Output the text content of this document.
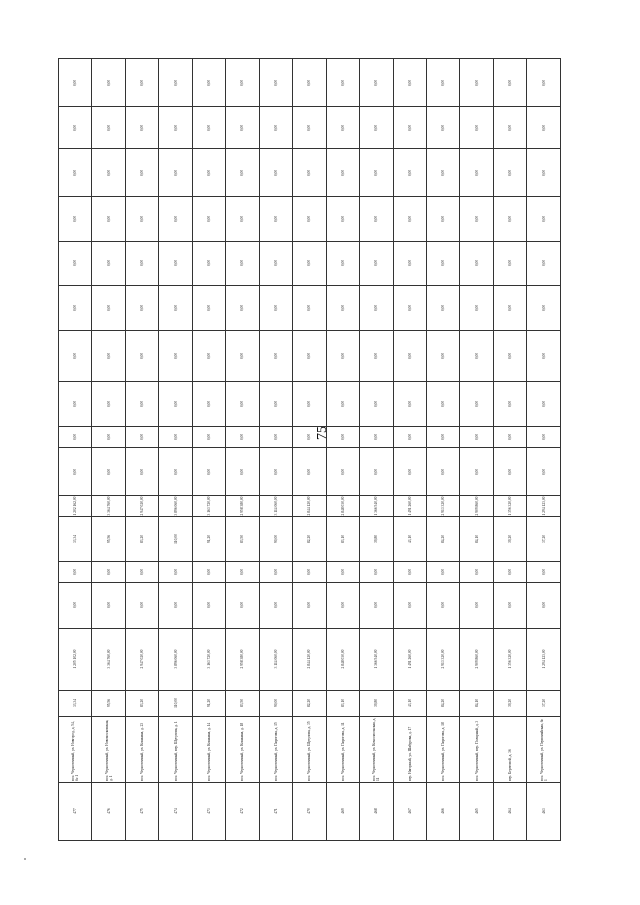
75
0,00	0,00	0,00	0,00	0,00	0,00	0,00	0,00	0,00	0,00	0,00	0,00	0,00	0,00	0,00

0,00	0,00	0,00	0,00	0,00	0,00	0,00	0,00	0,00	0,00	0,00	0,00	0,00	0,00	0,00

0,00	0,00	0,00	0,00	0,00	0,00	0,00	0,00	0,00	0,00	0,00	0,00	0,00	0,00	0,00

0,00	0,00	0,00	0,00	0,00	0,00	0,00	0,00	0,00	0,00	0,00	0,00	0,00	0,00	0,00

0,00	0,00	0,00	0,00	0,00	0,00	0,00	0,00	0,00	0,00	0,00	0,00	0,00	0,00	0,00

0,00	0,00	0,00	0,00	0,00	0,00	0,00	0,00	0,00	0,00	0,00	0,00	0,00	0,00	0,00

0,00	0,00	0,00	0,00	0,00	0,00	0,00	0,00	0,00	0,00	0,00	0,00	0,00	0,00	0,00

0,00	0,00	0,00	0,00	0,00	0,00	0,00	0,00	0,00	0,00	0,00	0,00	0,00	0,00	0,00

0,00	0,00	0,00	0,00	0,00	0,00	0,00	0,00	0,00	0,00	0,00	0,00	0,00	0,00	0,00

0,00	0,00	0,00	0,00	0,00	0,00	0,00	0,00	0,00	0,00	0,00	0,00	0,00	0,00	0,00

1 202 162,00	3 364 760,00	2 947 020,00	3 896 060,00	3 163 720,00	2 958 380,00	3 114 060,00	2 844 120,00	2 848 030,00	1 366 540,00	1 491 260,00	2 913 320,00	2 909 860,00	1 356 320,00	1 294 123,00

33,34	95,56	83,20	110,00	91,20	83,50	90,00	82,20	83,10	39,80	43,10	84,20	84,10	39,20	37,20

0,00	0,00	0,00	0,00	0,00	0,00	0,00	0,00	0,00	0,00	0,00	0,00	0,00	0,00	0,00

0,00	0,00	0,00	0,00	0,00	0,00	0,00	0,00	0,00	0,00	0,00	0,00	0,00	0,00	0,00

1 205 102,00	3 364 760,00	2 947 020,00	3 896 060,00	3 163 720,00	2 958 380,00	3 114 060,00	2 844 120,00	2 848 030,00	1 366 540,00	1 491 260,00	2 913 320,00	2 909 860,00	1 356 320,00	1 294 123,00

33,34	95,56	83,20	110,00	91,20	83,50	90,00	82,20	83,10	39,80	43,10	84,20	84,10	39,20	37,20

пос. Черноземный, ул. Новгород, д. 54, бс 1	пос. Черноземный, ул. Новомосковская, д. 1	пос. Черноземный, ул. Кошкина, д. 23	пос. Черноземный, пер. Шугулова, д. 1	пос. Черноземный, ул. Кошкина, д. 14	пос. Черноземный, ул. Кошкина, д. 18	пос. Черноземный, ул. Пирогова, д. 15	пос. Черноземный, ул. Шугулова, д. 35	пос. Черноземный, ул. Пирогова, д. 11	пос. Черноземный, ул. Комсомольская, д. 11	пер. Нагорный, ул. Шабурова, д. 17	пос. Черноземный, ул. Пирогова, д. 18	пос. Черноземный, пер. Полярный, д. 3	пер. Береговой, д. 36	пос. Черноземный, ул. Первомайская, бс 1

477	476	475	474	473	472	471	470	469	468	467	466	465	464	463
